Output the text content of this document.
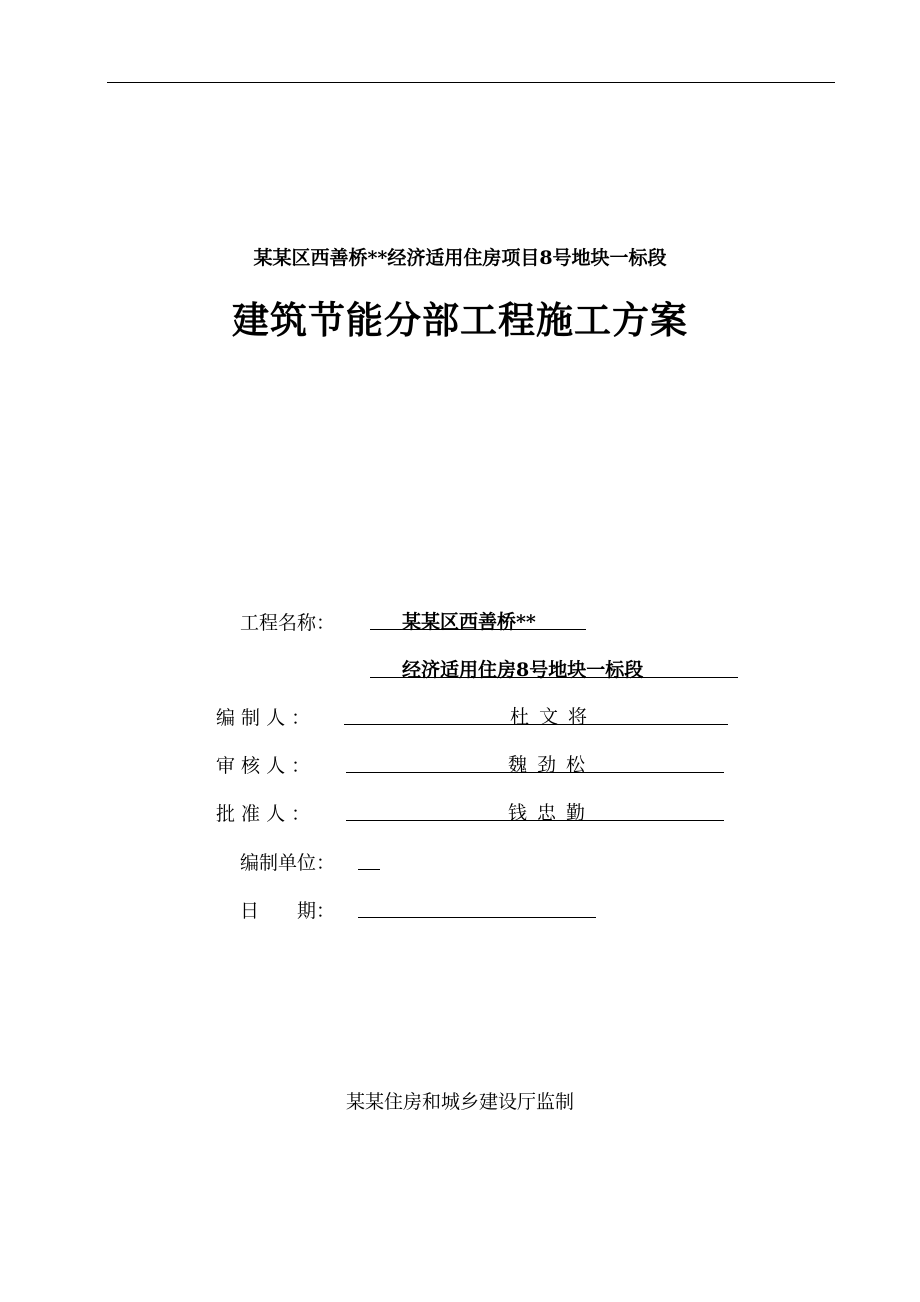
某某区西善桥**经济适用住房项目8号地块一标段
建筑节能分部工程施工方案
工程名称：	某某区西善桥**
经济适用住房8号地块一标段
编 制 人 ：	杜文将
审 核 人 ：	魏劲松
批 准 人 ：	钱忠勤
编制单位：
日　　期：
某某住房和城乡建设厅监制
